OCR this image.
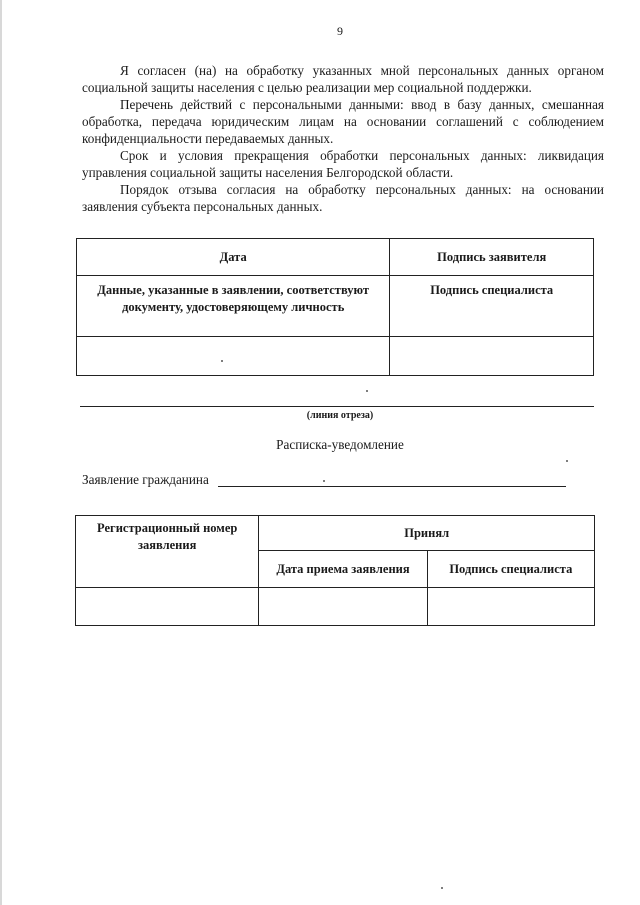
9

Я согласен (на) на обработку указанных мной персональных данных органом социальной защиты населения с целью реализации мер социальной поддержки.

Перечень действий с персональными данными: ввод в базу данных, смешанная обработка, передача юридическим лицам на основании соглашений с соблюдением конфиденциальности передаваемых данных.

Срок и условия прекращения обработки персональных данных: ликвидация управления социальной защиты населения Белгородской области.

Порядок отзыва согласия на обработку персональных данных: на основании заявления субъекта персональных данных.

Дата	Подпись заявителя
Данные, указанные в заявлении, соответствуют документу, удостоверяющему личность	Подпись специалиста

(линия отреза)
Расписка-уведомление
Заявление гражданина
Регистрационный номер заявления	Принял	
	Дата приема заявления	Подпись специалиста
